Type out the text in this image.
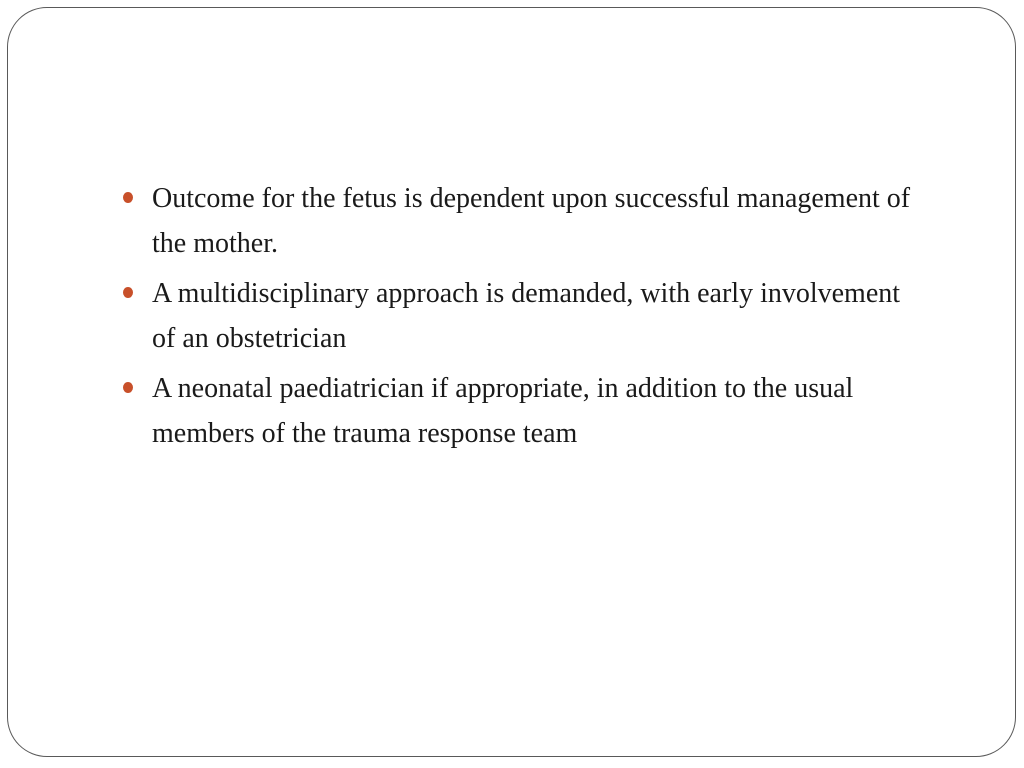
Outcome for the fetus is dependent upon successful management of the mother.
A multidisciplinary approach is demanded, with early involvement of an obstetrician
A neonatal paediatrician if appropriate, in addition to the usual members of the trauma response team
